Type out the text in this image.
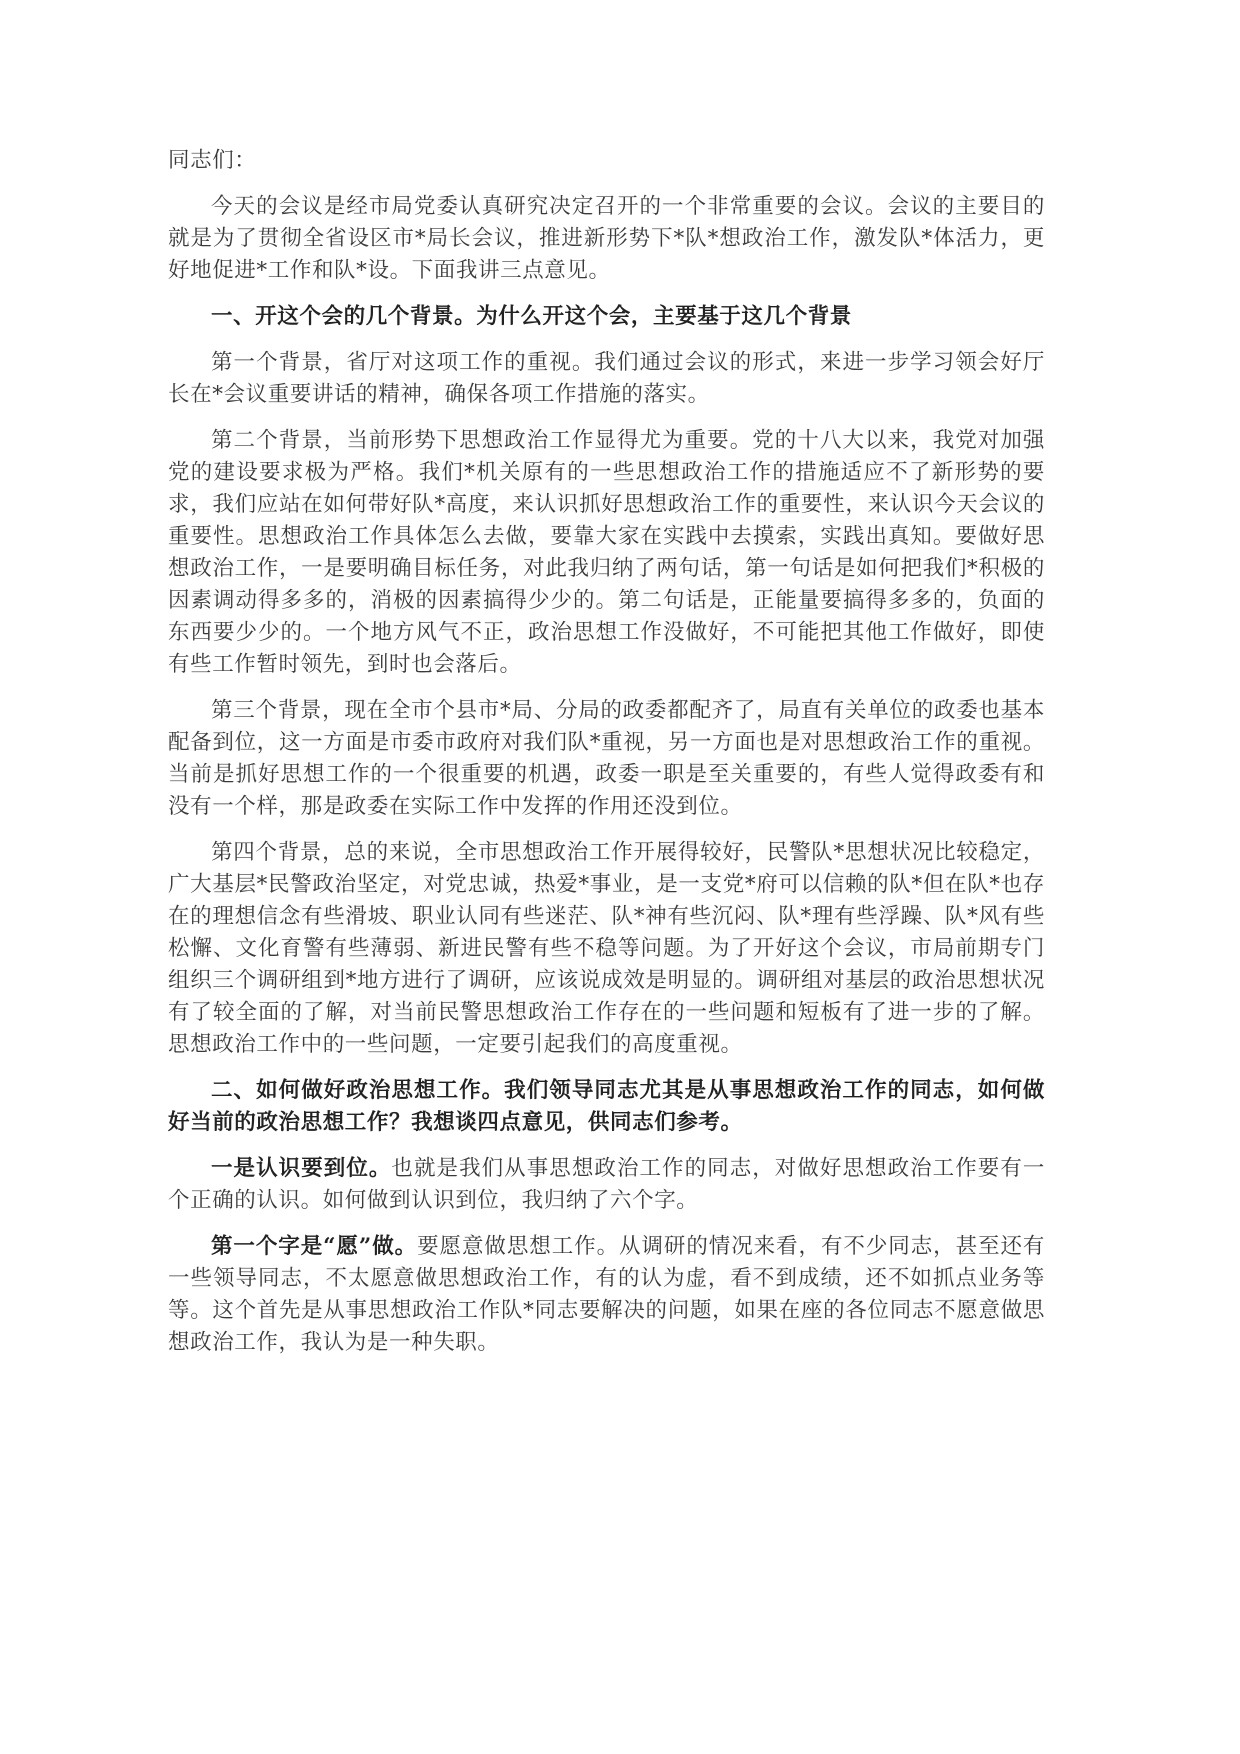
同志们：

今天的会议是经市局党委认真研究决定召开的一个非常重要的会议。会议的主要目的就是为了贯彻全省设区市*局长会议，推进新形势下*队*想政治工作，激发队*体活力，更好地促进*工作和队*设。下面我讲三点意见。

一、开这个会的几个背景。为什么开这个会，主要基于这几个背景

第一个背景，省厅对这项工作的重视。我们通过会议的形式，来进一步学习领会好厅长在*会议重要讲话的精神，确保各项工作措施的落实。

第二个背景，当前形势下思想政治工作显得尤为重要。党的十八大以来，我党对加强党的建设要求极为严格。我们*机关原有的一些思想政治工作的措施适应不了新形势的要求，我们应站在如何带好队*高度，来认识抓好思想政治工作的重要性，来认识今天会议的重要性。思想政治工作具体怎么去做，要靠大家在实践中去摸索，实践出真知。要做好思想政治工作，一是要明确目标任务，对此我归纳了两句话，第一句话是如何把我们*积极的因素调动得多多的，消极的因素搞得少少的。第二句话是，正能量要搞得多多的，负面的东西要少少的。一个地方风气不正，政治思想工作没做好，不可能把其他工作做好，即使有些工作暂时领先，到时也会落后。

第三个背景，现在全市个县市*局、分局的政委都配齐了，局直有关单位的政委也基本配备到位，这一方面是市委市政府对我们队*重视，另一方面也是对思想政治工作的重视。当前是抓好思想工作的一个很重要的机遇，政委一职是至关重要的，有些人觉得政委有和没有一个样，那是政委在实际工作中发挥的作用还没到位。

第四个背景，总的来说，全市思想政治工作开展得较好，民警队*思想状况比较稳定，广大基层*民警政治坚定，对党忠诚，热爱*事业，是一支党*府可以信赖的队*但在队*也存在的理想信念有些滑坡、职业认同有些迷茫、队*神有些沉闷、队*理有些浮躁、队*风有些松懈、文化育警有些薄弱、新进民警有些不稳等问题。为了开好这个会议，市局前期专门组织三个调研组到*地方进行了调研，应该说成效是明显的。调研组对基层的政治思想状况有了较全面的了解，对当前民警思想政治工作存在的一些问题和短板有了进一步的了解。思想政治工作中的一些问题，一定要引起我们的高度重视。

二、如何做好政治思想工作。我们领导同志尤其是从事思想政治工作的同志，如何做好当前的政治思想工作？我想谈四点意见，供同志们参考。

一是认识要到位。也就是我们从事思想政治工作的同志，对做好思想政治工作要有一个正确的认识。如何做到认识到位，我归纳了六个字。

第一个字是“愿”做。要愿意做思想工作。从调研的情况来看，有不少同志，甚至还有一些领导同志，不太愿意做思想政治工作，有的认为虚，看不到成绩，还不如抓点业务等等。这个首先是从事思想政治工作队*同志要解决的问题，如果在座的各位同志不愿意做思想政治工作，我认为是一种失职。
